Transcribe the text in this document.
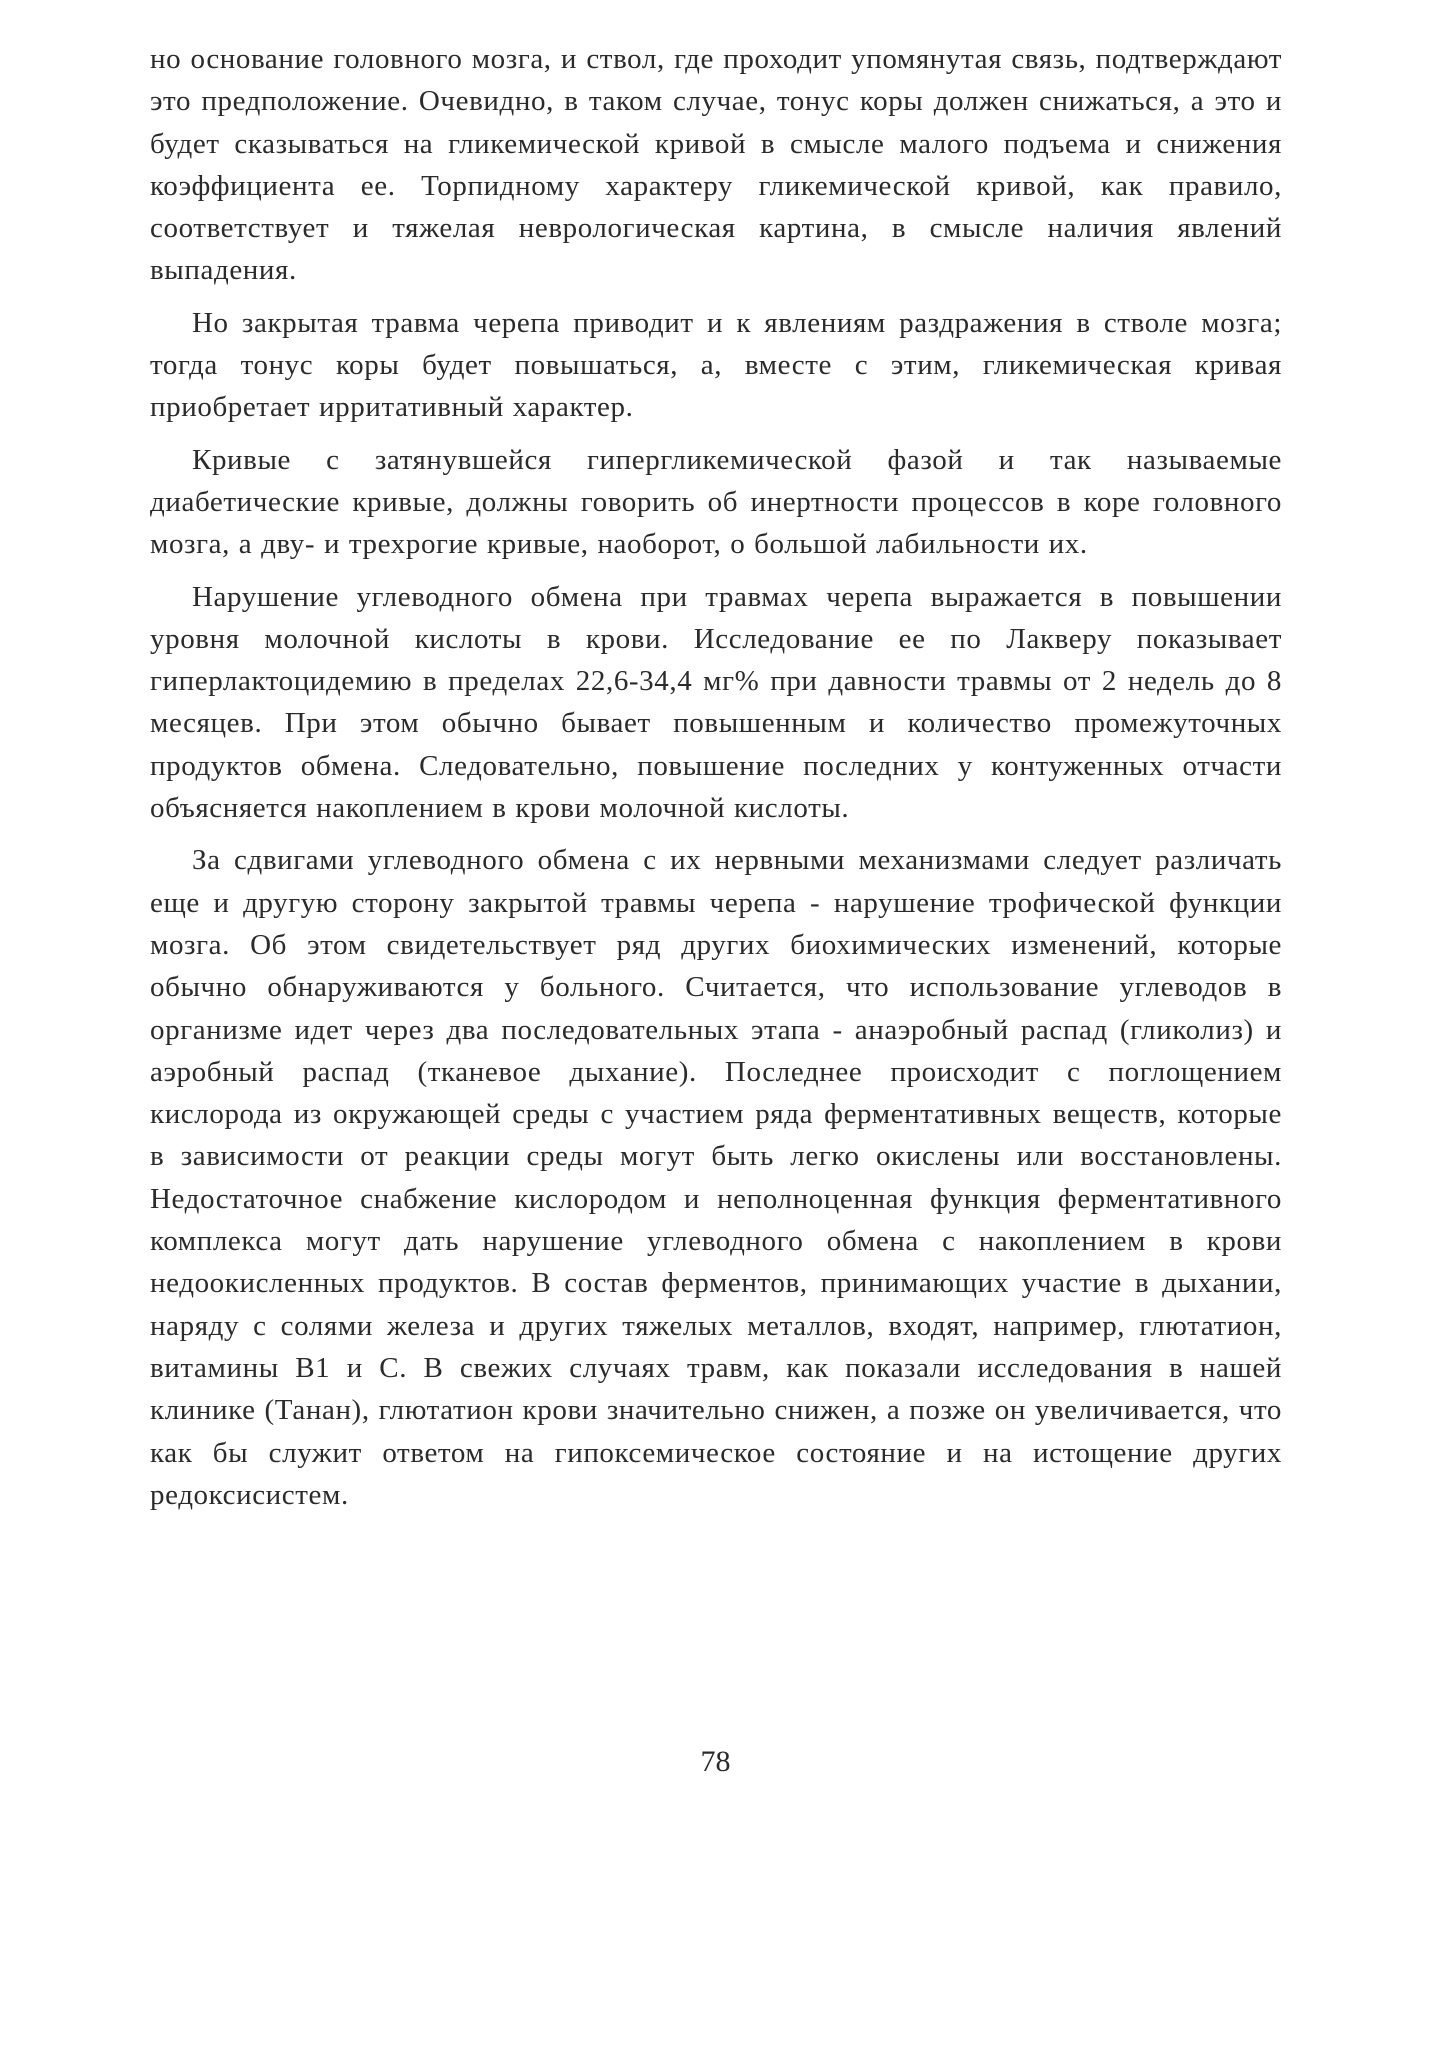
но основание головного мозга, и ствол, где проходит упомянутая связь, подтверждают это предположение. Очевидно, в таком случае, тонус коры должен снижаться, а это и будет сказываться на гликемической кривой в смысле малого подъема и снижения коэффициента ее. Торпидному характеру гликемической кривой, как правило, соответствует и тяжелая неврологическая картина, в смысле наличия явлений выпадения.

Но закрытая травма черепа приводит и к явлениям раздражения в стволе мозга; тогда тонус коры будет повышаться, а, вместе с этим, гликемическая кривая приобретает ирритативный характер.

Кривые с затянувшейся гипергликемической фазой и так называемые диабетические кривые, должны говорить об инертности процессов в коре головного мозга, а дву- и трехрогие кривые, наоборот, о большой лабильности их.

Нарушение углеводного обмена при травмах черепа выражается в повышении уровня молочной кислоты в крови. Исследование ее по Лакверу показывает гиперлактоцидемию в пределах 22,6-34,4 мг% при давности травмы от 2 недель до 8 месяцев. При этом обычно бывает повышенным и количество промежуточных продуктов обмена. Следовательно, повышение последних у контуженных отчасти объясняется накоплением в крови молочной кислоты.

За сдвигами углеводного обмена с их нервными механизмами следует различать еще и другую сторону закрытой травмы черепа - нарушение трофической функции мозга. Об этом свидетельствует ряд других биохимических изменений, которые обычно обнаруживаются у больного. Считается, что использование углеводов в организме идет через два последовательных этапа - анаэробный распад (гликолиз) и аэробный распад (тканевое дыхание). Последнее происходит с поглощением кислорода из окружающей среды с участием ряда ферментативных веществ, которые в зависимости от реакции среды могут быть легко окислены или восстановлены. Недостаточное снабжение кислородом и неполноценная функция ферментативного комплекса могут дать нарушение углеводного обмена с накоплением в крови недоокисленных продуктов. В состав ферментов, принимающих участие в дыхании, наряду с солями железа и других тяжелых металлов, входят, например, глютатион, витамины В1 и С. В свежих случаях травм, как показали исследования в нашей клинике (Танан), глютатион крови значительно снижен, а позже он увеличивается, что как бы служит ответом на гипоксемическое состояние и на истощение других редоксисистем.

78
